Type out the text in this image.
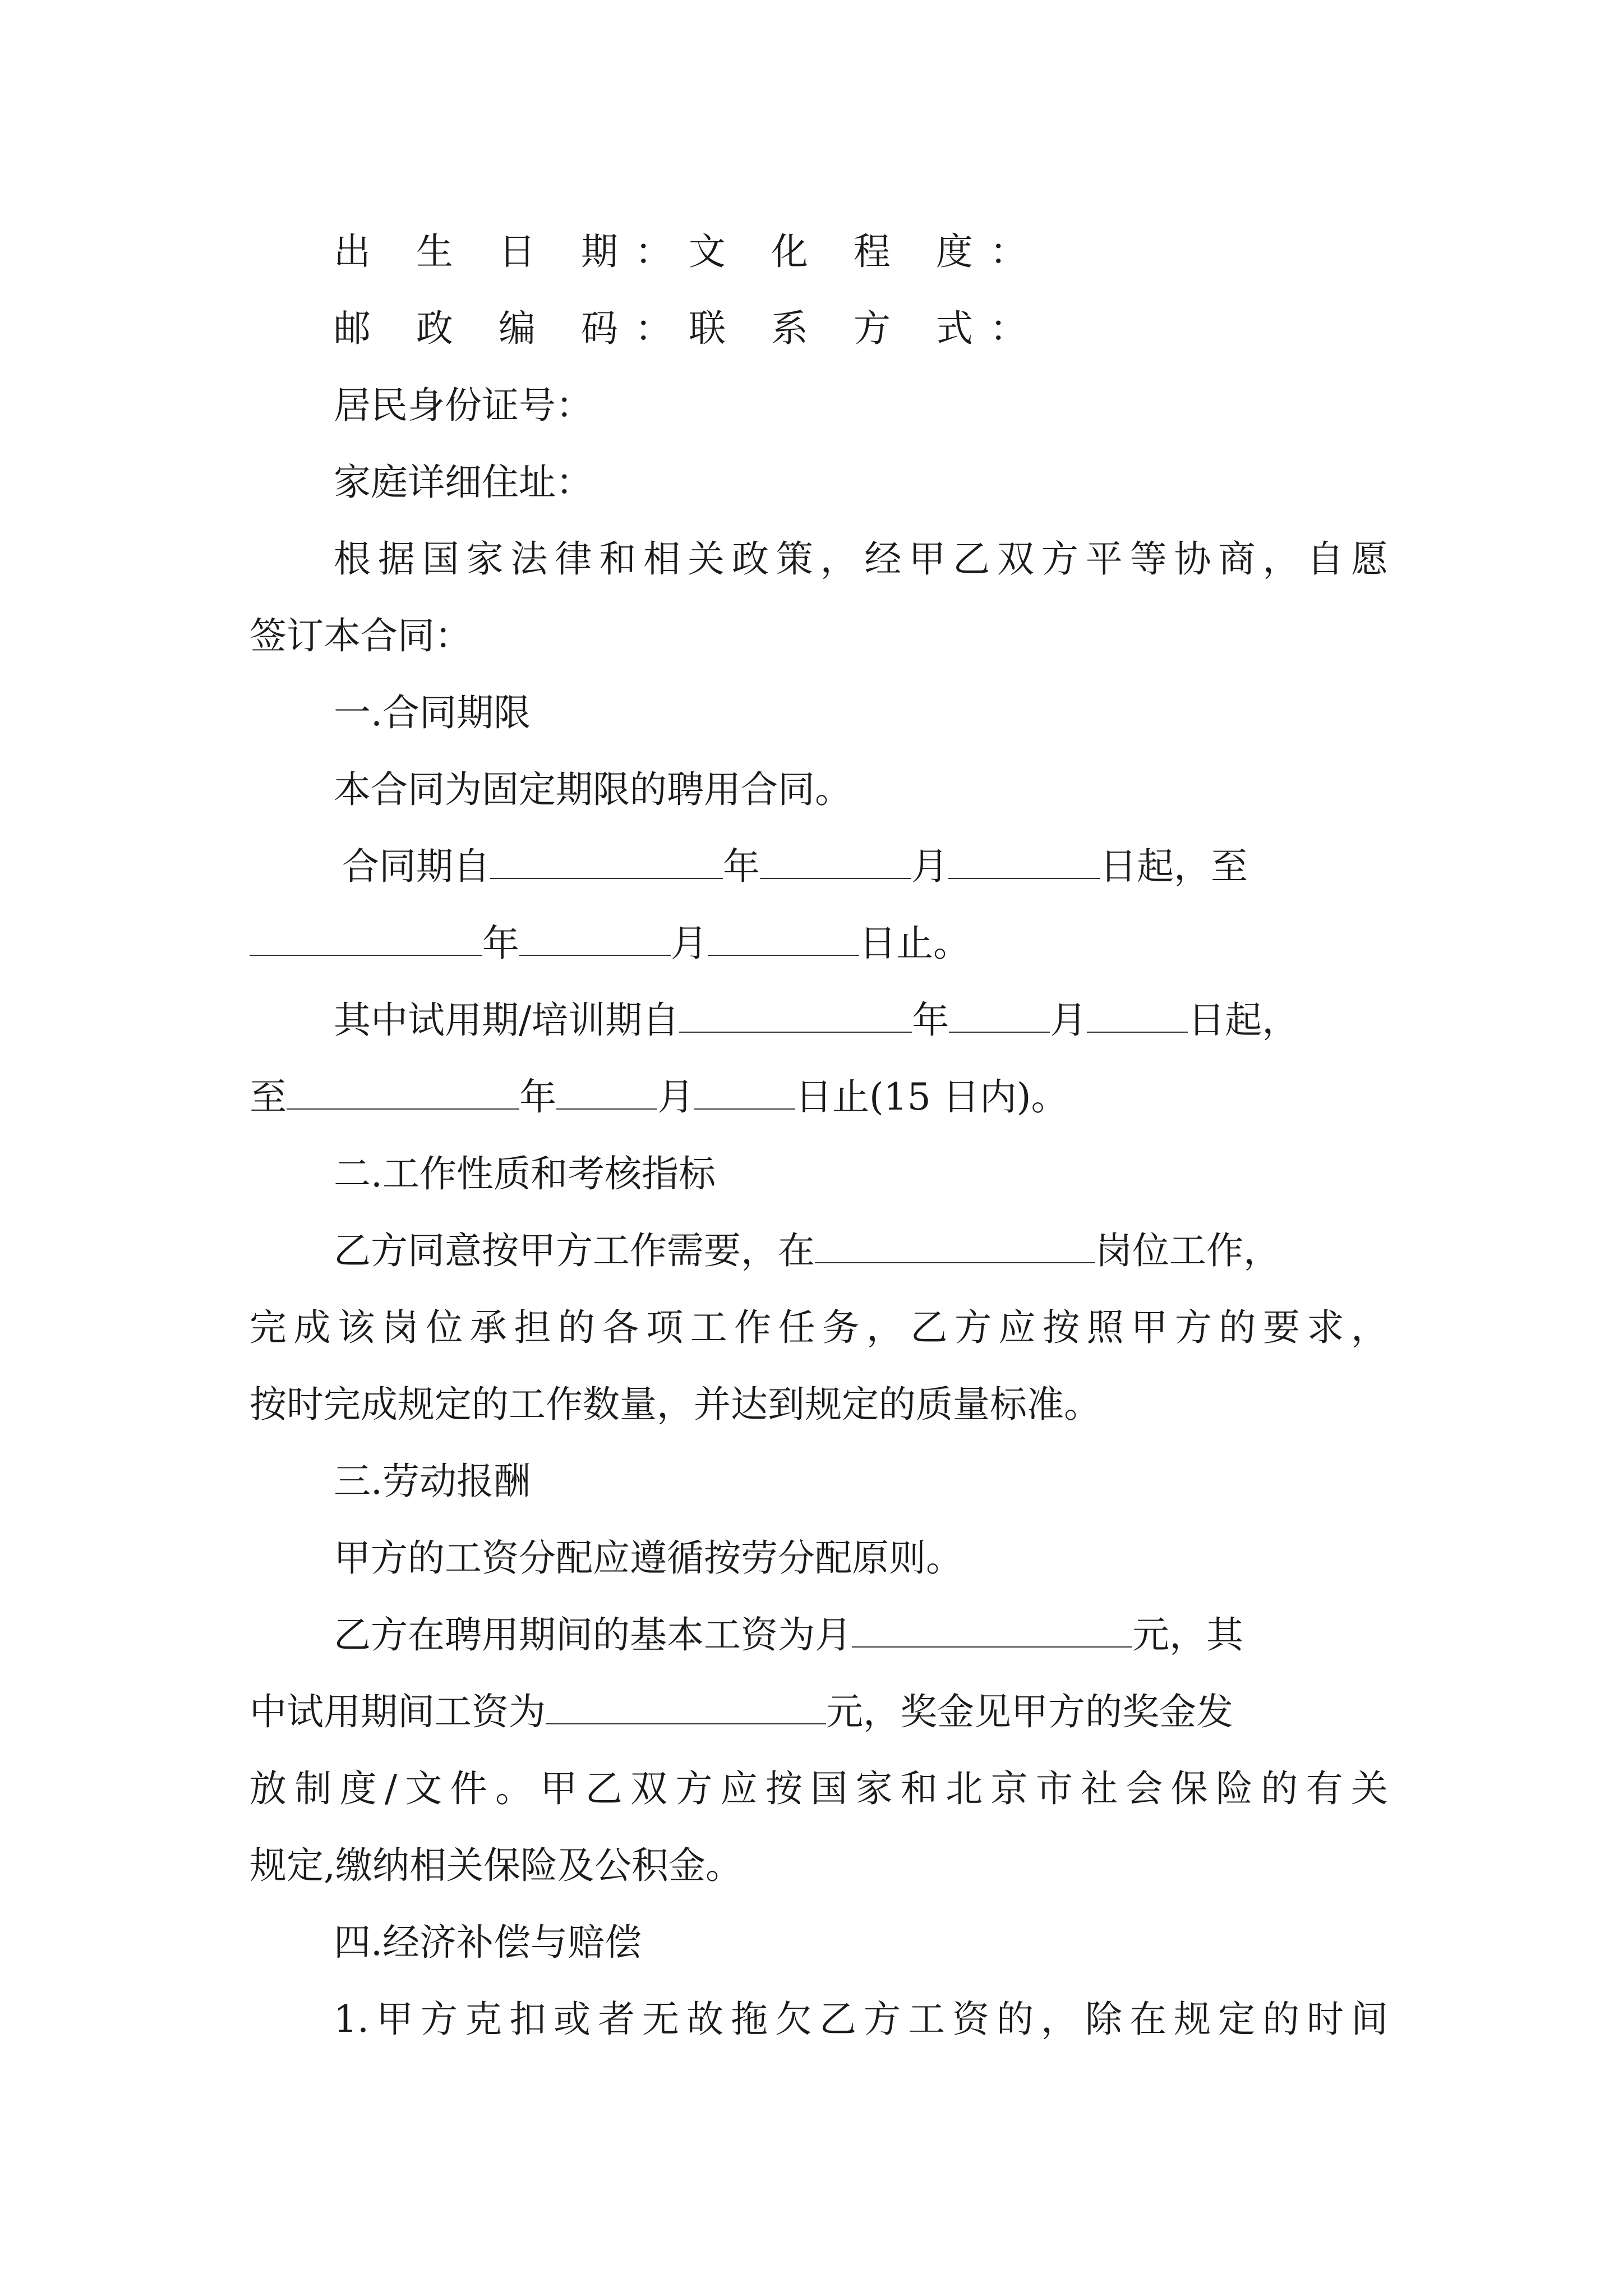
出 生 日 期：文 化 程 度：

邮 政 编 码：联 系 方 式：

居民身份证号：

家庭详细住址：

根据国家法律和相关政策，经甲乙双方平等协商，自愿

签订本合同：

一.合同期限

本合同为固定期限的聘用合同。

合同期自	年	月	日起，至

年	月	日止。

其中试用期/培训期自	年	月	日起，

至	年	月	日止(15 日内)。

二.工作性质和考核指标

乙方同意按甲方工作需要，在	岗位工作，

完成该岗位承担的各项工作任务，乙方应按照甲方的要求，

按时完成规定的工作数量，并达到规定的质量标准。

三.劳动报酬

甲方的工资分配应遵循按劳分配原则。

乙方在聘用期间的基本工资为月	元，其

中试用期间工资为	元，奖金见甲方的奖金发

放制度/文件。甲乙双方应按国家和北京市社会保险的有关

规定,缴纳相关保险及公积金。

四.经济补偿与赔偿

1.甲方克扣或者无故拖欠乙方工资的，除在规定的时间
